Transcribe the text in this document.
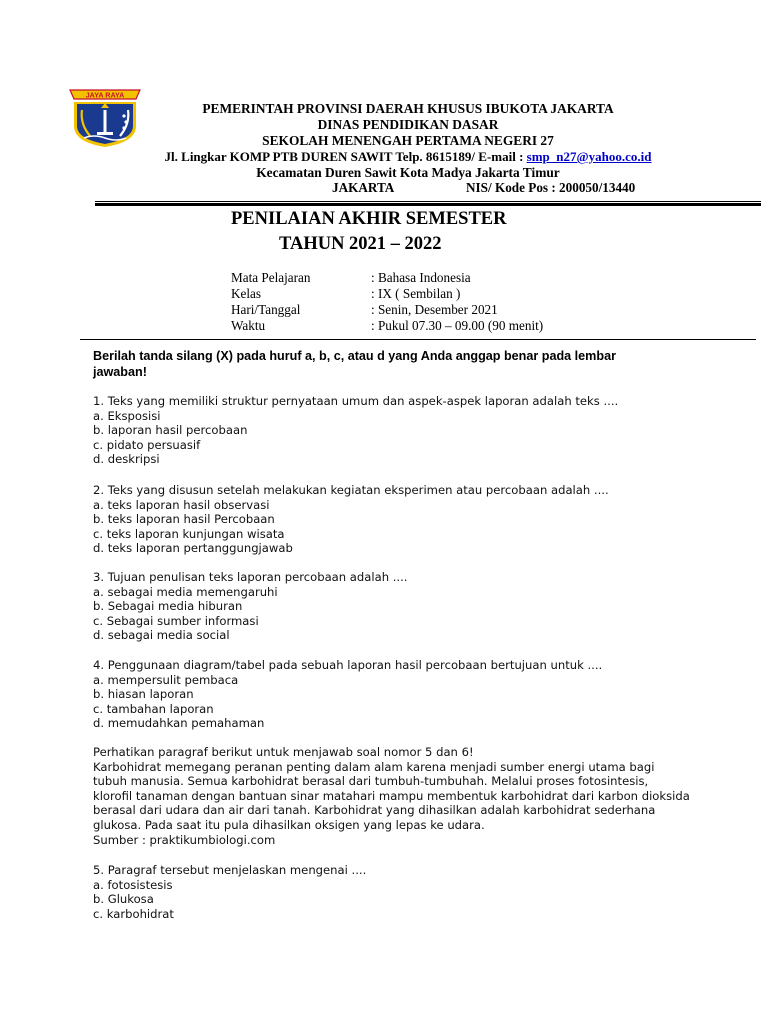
JAYA RAYA
PEMERINTAH PROVINSI DAERAH KHUSUS IBUKOTA JAKARTA
DINAS PENDIDIKAN DASAR
SEKOLAH MENENGAH PERTAMA NEGERI 27
Jl. Lingkar KOMP PTB DUREN SAWIT Telp. 8615189/ E-mail : smp_n27@yahoo.co.id
Kecamatan Duren Sawit Kota Madya Jakarta Timur
JAKARTA	NIS/ Kode Pos : 200050/13440
PENILAIAN AKHIR SEMESTER
TAHUN 2021 – 2022
Mata Pelajaran	: Bahasa Indonesia
Kelas	: IX ( Sembilan )
Hari/Tanggal	: Senin, Desember 2021
Waktu	: Pukul 07.30 – 09.00 (90 menit)
Berilah tanda silang (X) pada huruf a, b, c, atau d yang Anda anggap benar pada lembar
jawaban!
1. Teks yang memiliki struktur pernyataan umum dan aspek-aspek laporan adalah teks ....
a. Eksposisi
b. laporan hasil percobaan
c. pidato persuasif
d. deskripsi
2. Teks yang disusun setelah melakukan kegiatan eksperimen atau percobaan adalah ....
a. teks laporan hasil observasi
b. teks laporan hasil Percobaan
c. teks laporan kunjungan wisata
d. teks laporan pertanggungjawab
3. Tujuan penulisan teks laporan percobaan adalah ....
a. sebagai media memengaruhi
b. Sebagai media hiburan
c. Sebagai sumber informasi
d. sebagai media social
4. Penggunaan diagram/tabel pada sebuah laporan hasil percobaan bertujuan untuk ....
a. mempersulit pembaca
b. hiasan laporan
c. tambahan laporan
d. memudahkan pemahaman
Perhatikan paragraf berikut untuk menjawab soal nomor 5 dan 6!
Karbohidrat memegang peranan penting dalam alam karena menjadi sumber energi utama bagi
tubuh manusia. Semua karbohidrat berasal dari tumbuh-tumbuhah. Melalui proses fotosintesis,
klorofil tanaman dengan bantuan sinar matahari mampu membentuk karbohidrat dari karbon dioksida
berasal dari udara dan air dari tanah. Karbohidrat yang dihasilkan adalah karbohidrat sederhana
glukosa. Pada saat itu pula dihasilkan oksigen yang lepas ke udara.
Sumber : praktikumbiologi.com
5. Paragraf tersebut menjelaskan mengenai ....
a. fotosistesis
b. Glukosa
c. karbohidrat
